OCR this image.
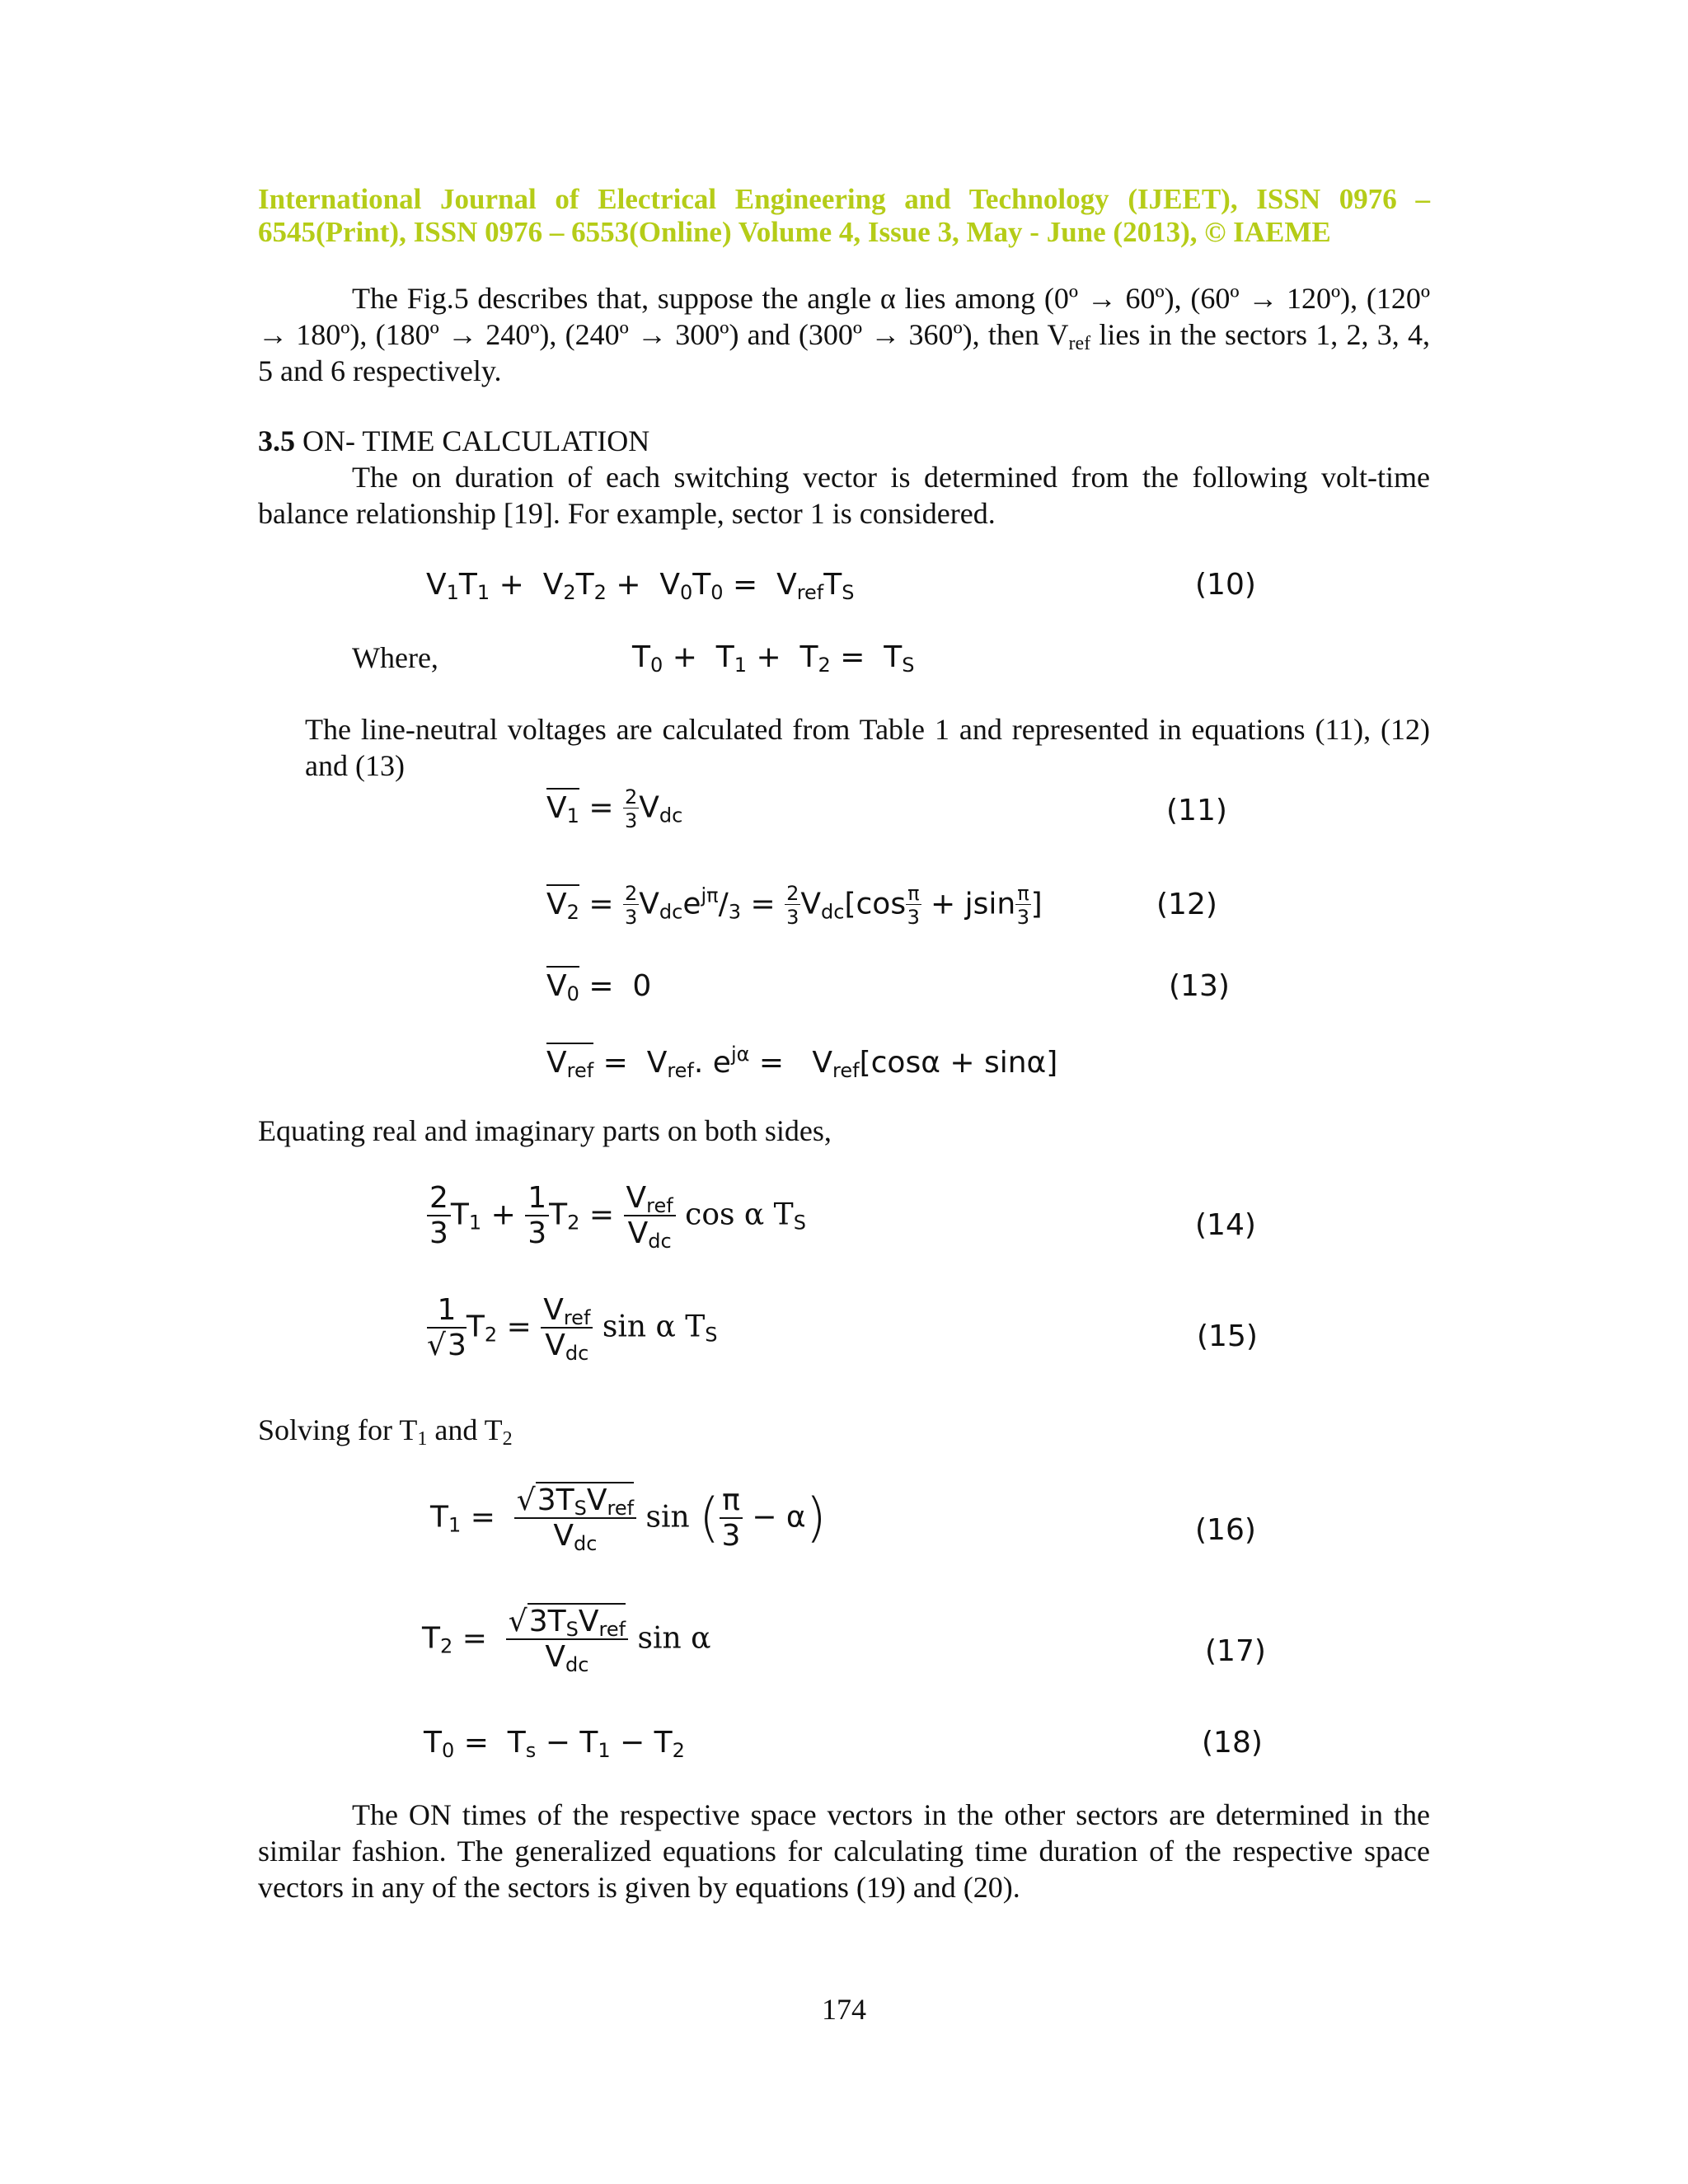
International Journal of Electrical Engineering and Technology (IJEET), ISSN 0976 –
6545(Print), ISSN 0976 – 6553(Online) Volume 4, Issue 3, May - June (2013), © IAEME
The Fig.5 describes that, suppose the angle α lies among (0º → 60º), (60º → 120º), (120º → 180º), (180º → 240º), (240º → 300º) and (300º → 360º), then $V_{ref}$ lies in the sectors 1, 2, 3, 4, 5 and 6 respectively.
3.5 ON- TIME CALCULATION
The on duration of each switching vector is determined from the following volt-time balance relationship [19]. For example, sector 1 is considered.
$V_1T_1 + V_2T_2 + V_0T_0 = V_{ref}T_S$	(10)
Where,	$T_0 + T_1 + T_2 = T_S$
The line-neutral voltages are calculated from Table 1 and represented in equations (11), (12) and (13)
$V_1 = \frac{2}{3} V_{dc}$	(11)
$V_2 = \frac{2}{3} V_{dc}e^{j\pi}/_3 = \frac{2}{3} V_{dc}[\cos \frac{\pi}{3} + jsin \frac{\pi}{3}$ ]	(12)
$V_0 = 0$	(13)
$V_{ref} = V_{ref}$. $e^{j\alpha} = V_{ref}[\cos\alpha + \sin\alpha]$
Equating real and imaginary parts on both sides,
$\frac{2}{3} T_1 + \frac{1}{3} T_2 = \frac{V_{ref}}{V_{dc}}$ cos α $T_S$	(14)
$\frac{1}{√3} T_2 = \frac{V_{ref}}{V_{dc}}$ sin α $T_S$	(15)
Solving for $T_1$ and $T_2$
$T_1 = \frac{√3T_SV_{ref}}{V_{dc}}$ sin ( $\frac{\pi}{3} - \alpha$)	(16)
$T_2 = \frac{√3T_SV_{ref}}{V_{dc}}$ sin α	(17)
$T_0 = T_s - T_1 - T_2$	(18)
The ON times of the respective space vectors in the other sectors are determined in the similar fashion. The generalized equations for calculating time duration of the respective space vectors in any of the sectors is given by equations (19) and (20).
174
